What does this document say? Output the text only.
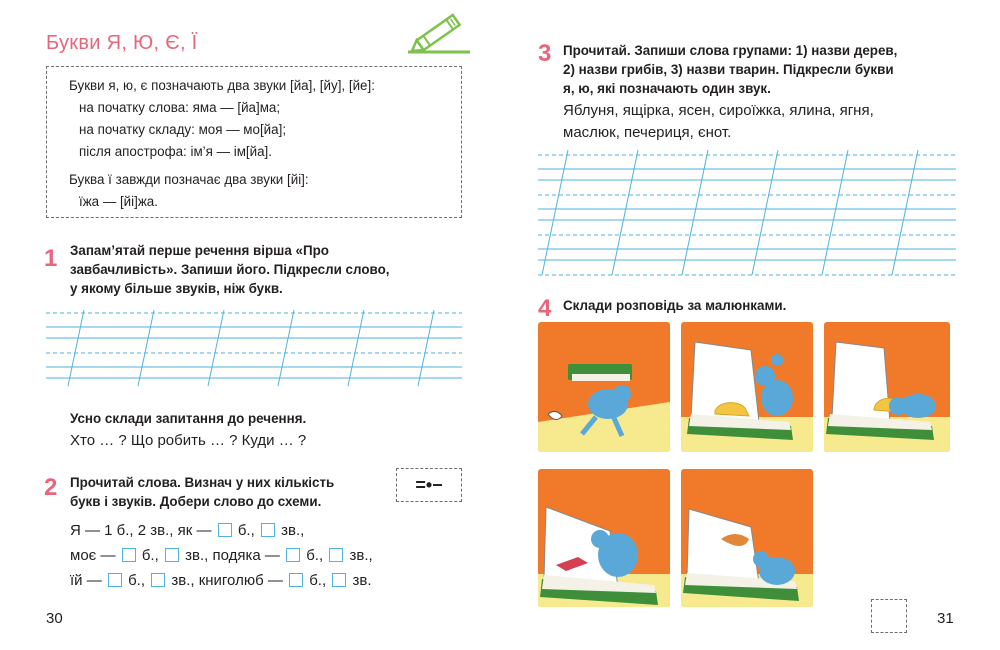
Букви Я, Ю, Є, Ї
Букви я, ю, є позначають два звуки [йа], [йу], [йе]:
на початку слова: яма — [йа]ма;
на початку складу: моя — мо[йа];
після апострофа: ім’я — ім[йа].
Буква ї завжди позначає два звуки [йі]:
їжа — [йі]жа.
1 Запам’ятай перше речення вірша «Про
завбачливість». Запиши його. Підкресли слово,
у якому більше звуків, ніж букв.
Усно склади запитання до речення.
Хто … ? Що робить … ? Куди … ?
2 Прочитай слова. Визнач у них кількість
букв і звуків. Добери слово до схеми.
=•−
Я — 1 б., 2 зв., як — б., зв.,
моє — б., зв., подяка — б., зв.,
їй — б., зв., книголюб — б., зв.
30
3 Прочитай. Запиши слова групами: 1) назви дерев,
2) назви грибів, 3) назви тварин. Підкресли букви
я, ю, які позначають один звук.
Яблуня, ящірка, ясен, сироїжка, ялина, ягня,
маслюк, печериця, єнот.
4 Склади розповідь за малюнками.
31
